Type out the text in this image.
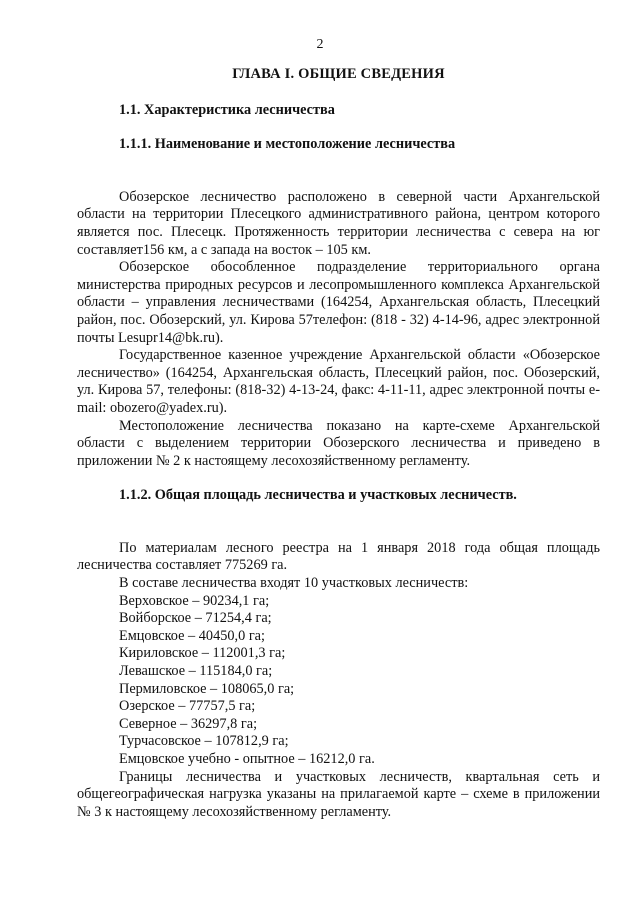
2
ГЛАВА I. ОБЩИЕ СВЕДЕНИЯ
1.1. Характеристика лесничества
1.1.1. Наименование и местоположение лесничества

Обозерское лесничество расположено в северной части Архангельской области на территории Плесецкого административного района, центром которого является пос. Плесецк. Протяженность территории лесничества с севера на юг составляет156 км, а с запада на восток – 105 км.

Обозерское обособленное подразделение территориального органа министерства природных ресурсов и лесопромышленного комплекса Архангельской области – управления лесничествами (164254, Архангельская область, Плесецкий район, пос. Обозерский, ул. Кирова 57телефон: (818 - 32) 4-14-96, адрес электронной почты Lesupr14@bk.ru).

Государственное казенное учреждение Архангельской области «Обозерское лесничество» (164254, Архангельская область, Плесецкий район, пос. Обозерский, ул. Кирова 57, телефоны: (818-32) 4-13-24, факс: 4-11-11, адрес электронной почты e-mail: obozero@yadex.ru).

Местоположение лесничества показано на карте-схеме Архангельской области с выделением территории Обозерского лесничества и приведено в приложении № 2 к настоящему лесохозяйственному регламенту.

1.1.2. Общая площадь лесничества и участковых лесничеств.

По материалам лесного реестра на 1 января 2018 года общая площадь лесничества составляет 775269 га.

В составе лесничества входят 10 участковых лесничеств:

Верховское – 90234,1 га;
Войборское – 71254,4 га;
Емцовское – 40450,0 га;
Кириловское – 112001,3 га;
Левашское – 115184,0 га;
Пермиловское – 108065,0 га;
Озерское – 77757,5 га;
Северное – 36297,8 га;
Турчасовское – 107812,9 га;
Емцовское учебно - опытное – 16212,0 га.

Границы лесничества и участковых лесничеств, квартальная сеть и общегеографическая нагрузка указаны на прилагаемой карте – схеме в приложении № 3 к настоящему лесохозяйственному регламенту.
